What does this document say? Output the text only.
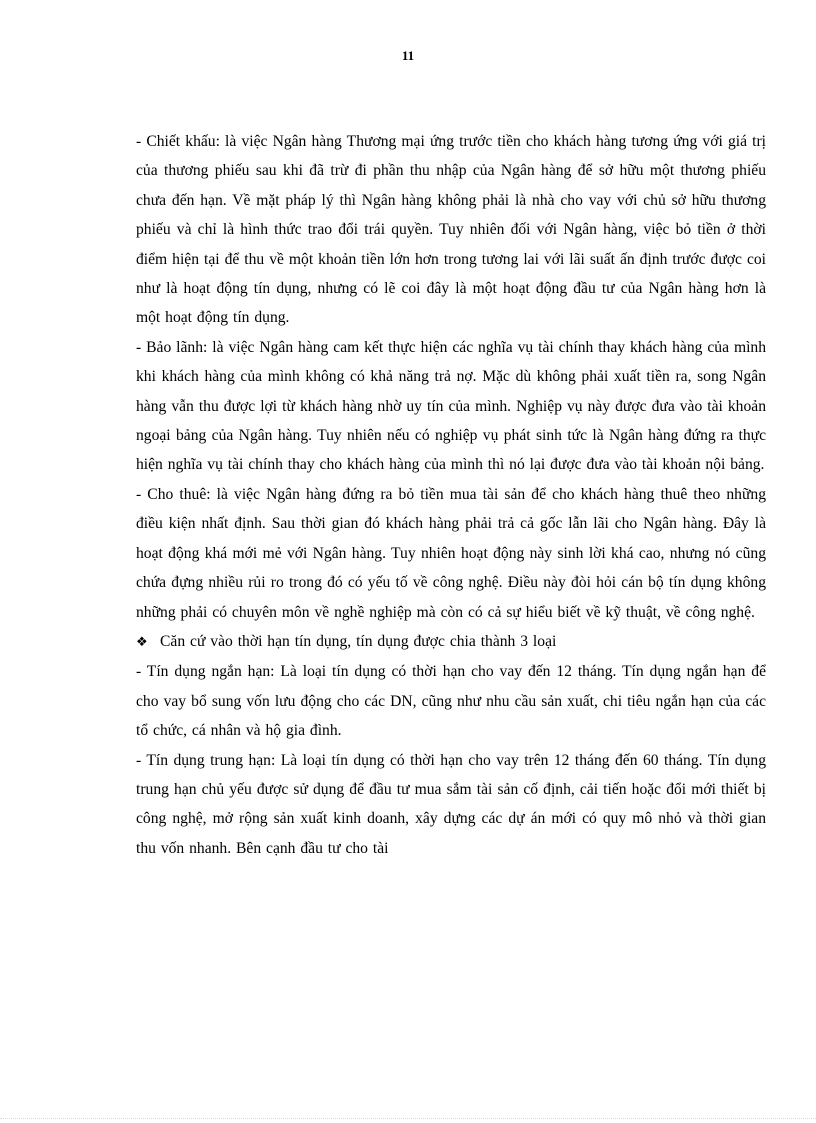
11

- Chiết khấu: là việc Ngân hàng Thương mại ứng trước tiền cho khách hàng tương ứng với giá trị của thương phiếu sau khi đã trừ đi phần thu nhập của Ngân hàng để sở hữu một thương phiếu chưa đến hạn. Về mặt pháp lý thì Ngân hàng không phải là nhà cho vay với chủ sở hữu thương phiếu và chỉ là hình thức trao đổi trái quyền. Tuy nhiên đối với Ngân hàng, việc bỏ tiền ở thời điểm hiện tại để thu về một khoản tiền lớn hơn trong tương lai với lãi suất ấn định trước được coi như là hoạt động tín dụng, nhưng có lẽ coi đây là một hoạt động đầu tư của Ngân hàng hơn là một hoạt động tín dụng.

- Bảo lãnh: là việc Ngân hàng cam kết thực hiện các nghĩa vụ tài chính thay khách hàng của mình khi khách hàng của mình không có khả năng trả nợ. Mặc dù không phải xuất tiền ra, song Ngân hàng vẫn thu được lợi từ khách hàng nhờ uy tín của mình. Nghiệp vụ này được đưa vào tài khoản ngoại bảng của Ngân hàng. Tuy nhiên nếu có nghiệp vụ phát sinh tức là Ngân hàng đứng ra thực hiện nghĩa vụ tài chính thay cho khách hàng của mình thì nó lại được đưa vào tài khoản nội bảng.

- Cho thuê: là việc Ngân hàng đứng ra bỏ tiền mua tài sản để cho khách hàng thuê theo những điều kiện nhất định. Sau thời gian đó khách hàng phải trả cả gốc lẫn lãi cho Ngân hàng. Đây là hoạt động khá mới mẻ với Ngân hàng. Tuy nhiên hoạt động này sinh lời khá cao, nhưng nó cũng chứa đựng nhiều rủi ro trong đó có yếu tố về công nghệ. Điều này đòi hỏi cán bộ tín dụng không những phải có chuyên môn về nghề nghiệp mà còn có cả sự hiểu biết về kỹ thuật, về công nghệ.

❖ Căn cứ vào thời hạn tín dụng, tín dụng được chia thành 3 loại

- Tín dụng ngắn hạn: Là loại tín dụng có thời hạn cho vay đến 12 tháng. Tín dụng ngắn hạn để cho vay bổ sung vốn lưu động cho các DN, cũng như nhu cầu sản xuất, chi tiêu ngắn hạn của các tổ chức, cá nhân và hộ gia đình.

- Tín dụng trung hạn: Là loại tín dụng có thời hạn cho vay trên 12 tháng đến 60 tháng. Tín dụng trung hạn chủ yếu được sử dụng để đầu tư mua sắm tài sản cố định, cải tiến hoặc đổi mới thiết bị công nghệ, mở rộng sản xuất kinh doanh, xây dựng các dự án mới có quy mô nhỏ và thời gian thu vốn nhanh. Bên cạnh đầu tư cho tài
